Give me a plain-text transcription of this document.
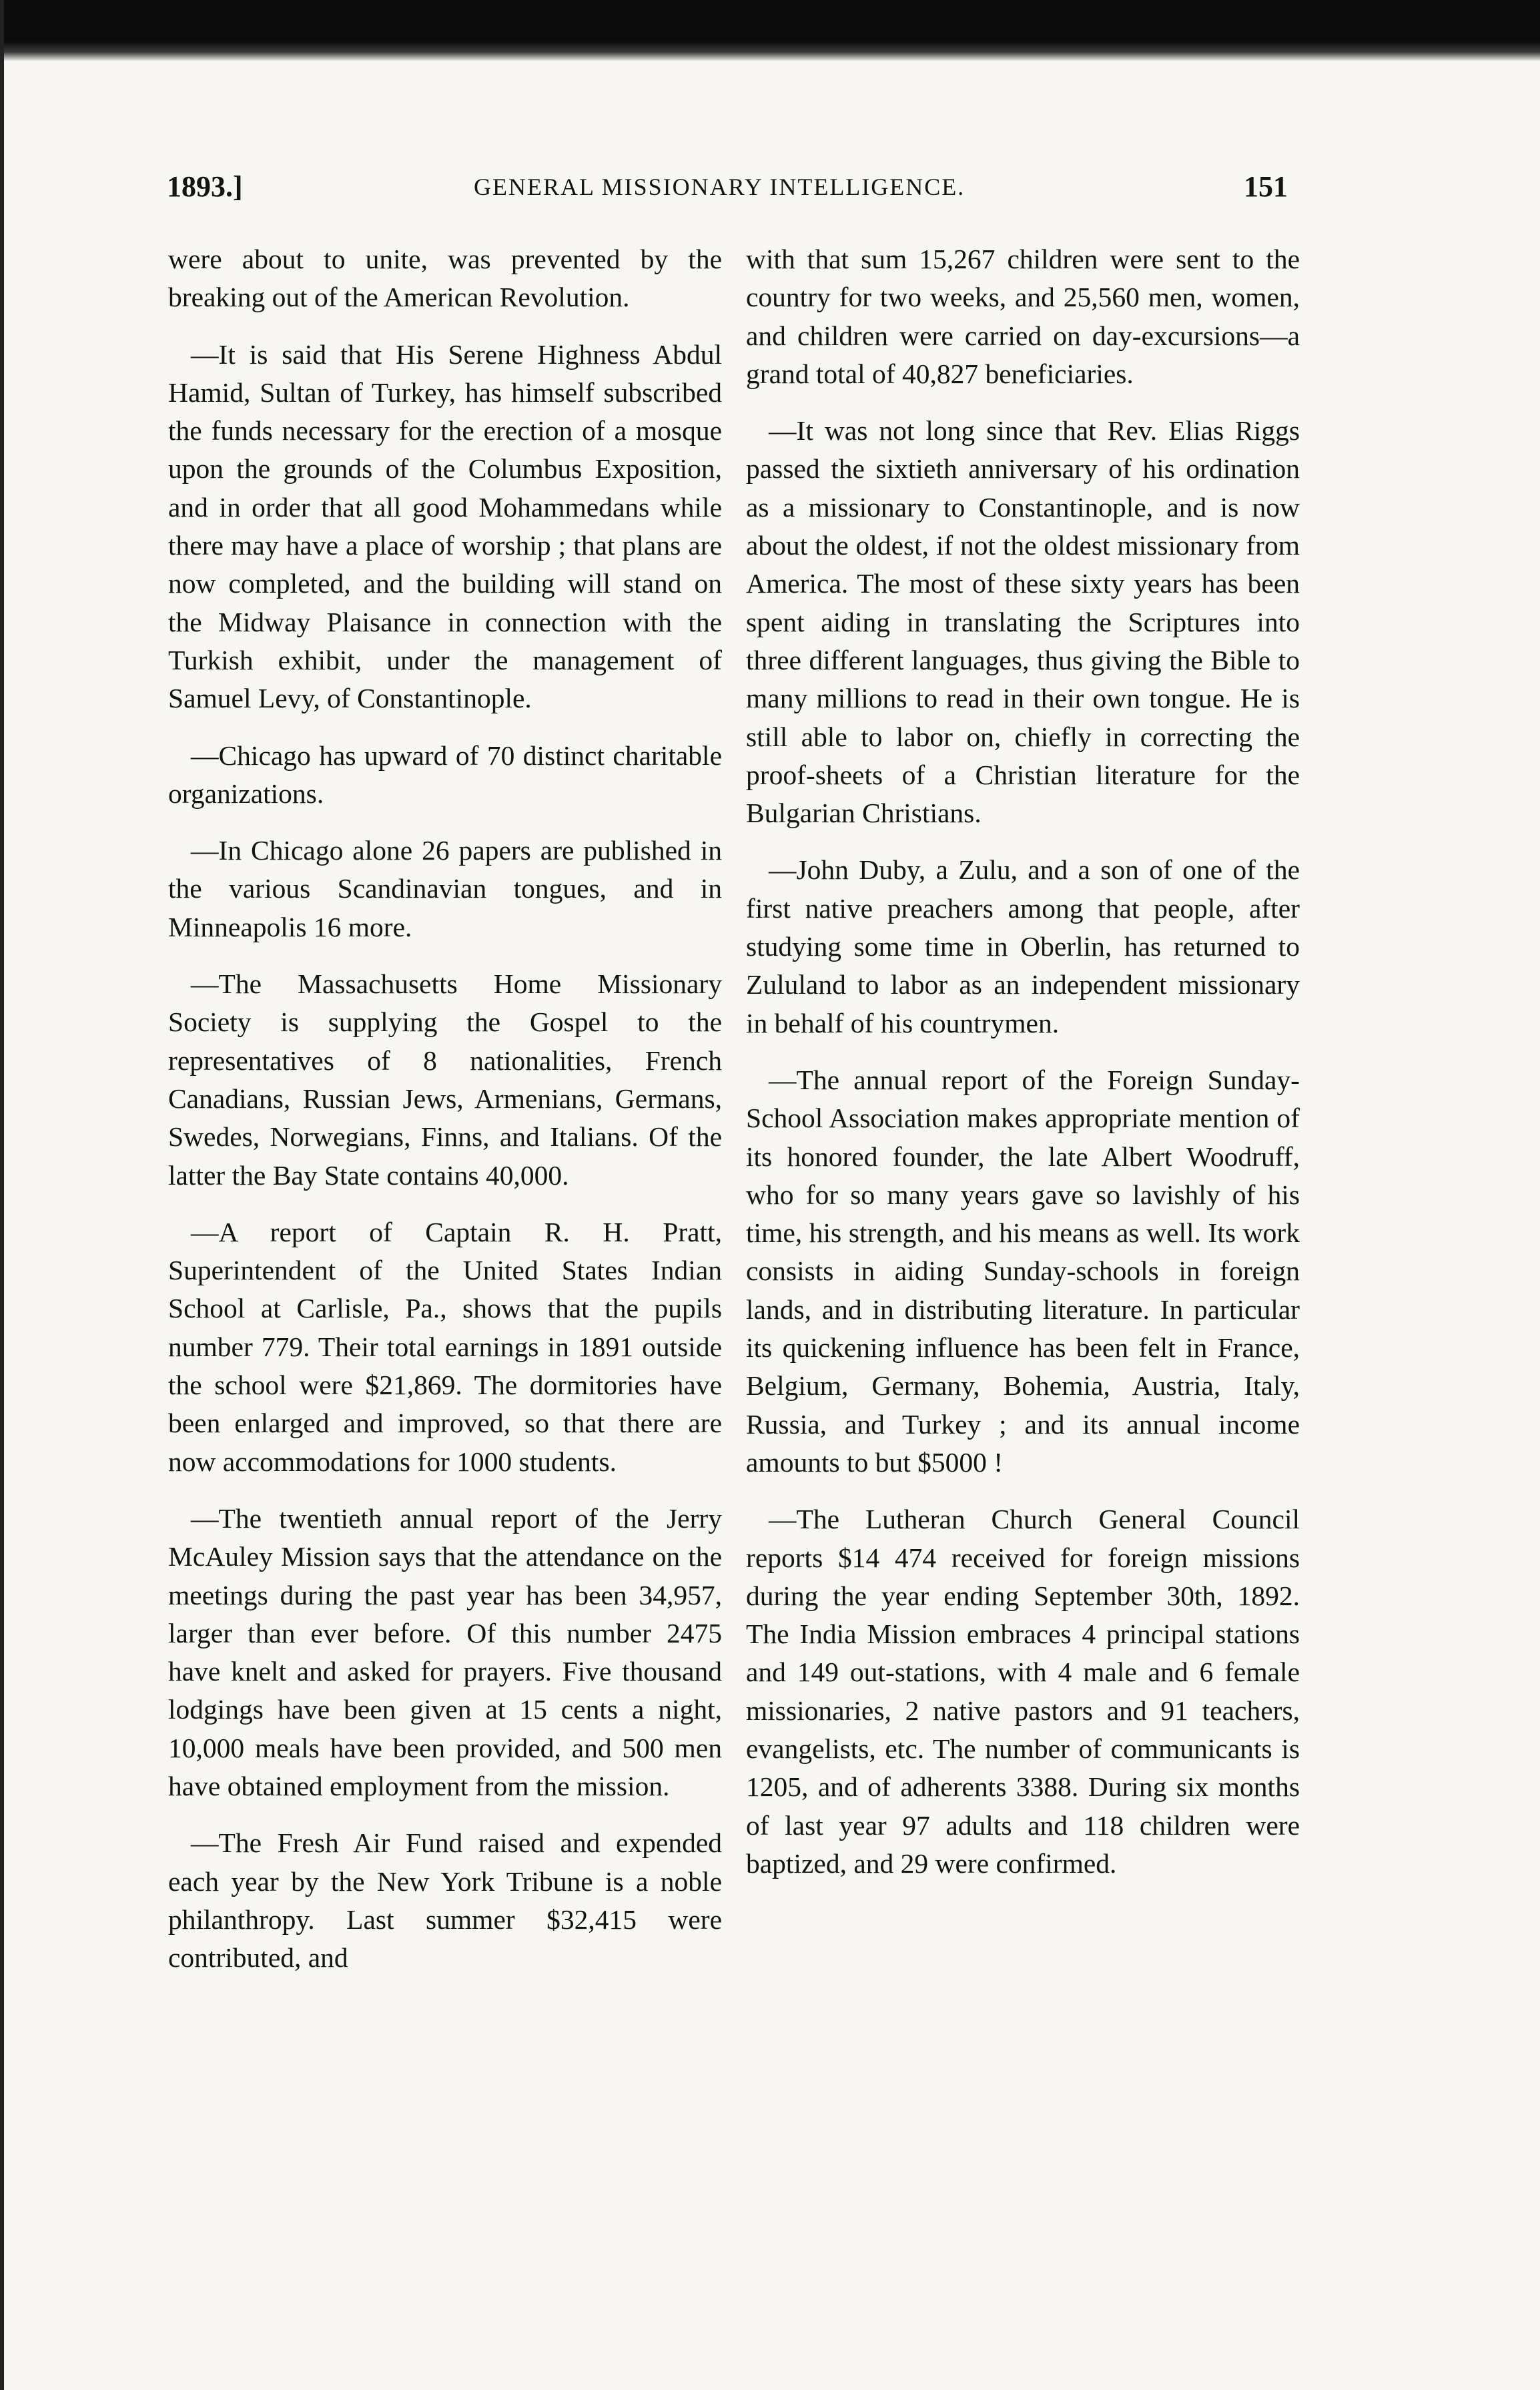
1893.]	GENERAL MISSIONARY INTELLIGENCE.	151

were about to unite, was prevented by the breaking out of the American Revolution.

—It is said that His Serene Highness Abdul Hamid, Sultan of Turkey, has himself subscribed the funds necessary for the erection of a mosque upon the grounds of the Columbus Exposition, and in order that all good Mohammedans while there may have a place of worship ; that plans are now completed, and the building will stand on the Midway Plaisance in connection with the Turkish exhibit, under the management of Samuel Levy, of Constantinople.

—Chicago has upward of 70 distinct charitable organizations.

—In Chicago alone 26 papers are published in the various Scandinavian tongues, and in Minneapolis 16 more.

—The Massachusetts Home Missionary Society is supplying the Gospel to the representatives of 8 nationalities, French Canadians, Russian Jews, Armenians, Germans, Swedes, Norwegians, Finns, and Italians. Of the latter the Bay State contains 40,000.

—A report of Captain R. H. Pratt, Superintendent of the United States Indian School at Carlisle, Pa., shows that the pupils number 779. Their total earnings in 1891 outside the school were $21,869. The dormitories have been enlarged and improved, so that there are now accommodations for 1000 students.

—The twentieth annual report of the Jerry McAuley Mission says that the attendance on the meetings during the past year has been 34,957, larger than ever before. Of this number 2475 have knelt and asked for prayers. Five thousand lodgings have been given at 15 cents a night, 10,000 meals have been provided, and 500 men have obtained employment from the mission.

—The Fresh Air Fund raised and expended each year by the New York Tribune is a noble philanthropy. Last summer $32,415 were contributed, and

with that sum 15,267 children were sent to the country for two weeks, and 25,560 men, women, and children were carried on day-excursions—a grand total of 40,827 beneficiaries.

—It was not long since that Rev. Elias Riggs passed the sixtieth anniversary of his ordination as a missionary to Constantinople, and is now about the oldest, if not the oldest missionary from America. The most of these sixty years has been spent aiding in translating the Scriptures into three different languages, thus giving the Bible to many millions to read in their own tongue. He is still able to labor on, chiefly in correcting the proof-sheets of a Christian literature for the Bulgarian Christians.

—John Duby, a Zulu, and a son of one of the first native preachers among that people, after studying some time in Oberlin, has returned to Zululand to labor as an independent missionary in behalf of his countrymen.

—The annual report of the Foreign Sunday-School Association makes appropriate mention of its honored founder, the late Albert Woodruff, who for so many years gave so lavishly of his time, his strength, and his means as well. Its work consists in aiding Sunday-schools in foreign lands, and in distributing literature. In particular its quickening influence has been felt in France, Belgium, Germany, Bohemia, Austria, Italy, Russia, and Turkey ; and its annual income amounts to but $5000 !

—The Lutheran Church General Council reports $14 474 received for foreign missions during the year ending September 30th, 1892. The India Mission embraces 4 principal stations and 149 out-stations, with 4 male and 6 female missionaries, 2 native pastors and 91 teachers, evangelists, etc. The number of communicants is 1205, and of adherents 3388. During six months of last year 97 adults and 118 children were baptized, and 29 were confirmed.
